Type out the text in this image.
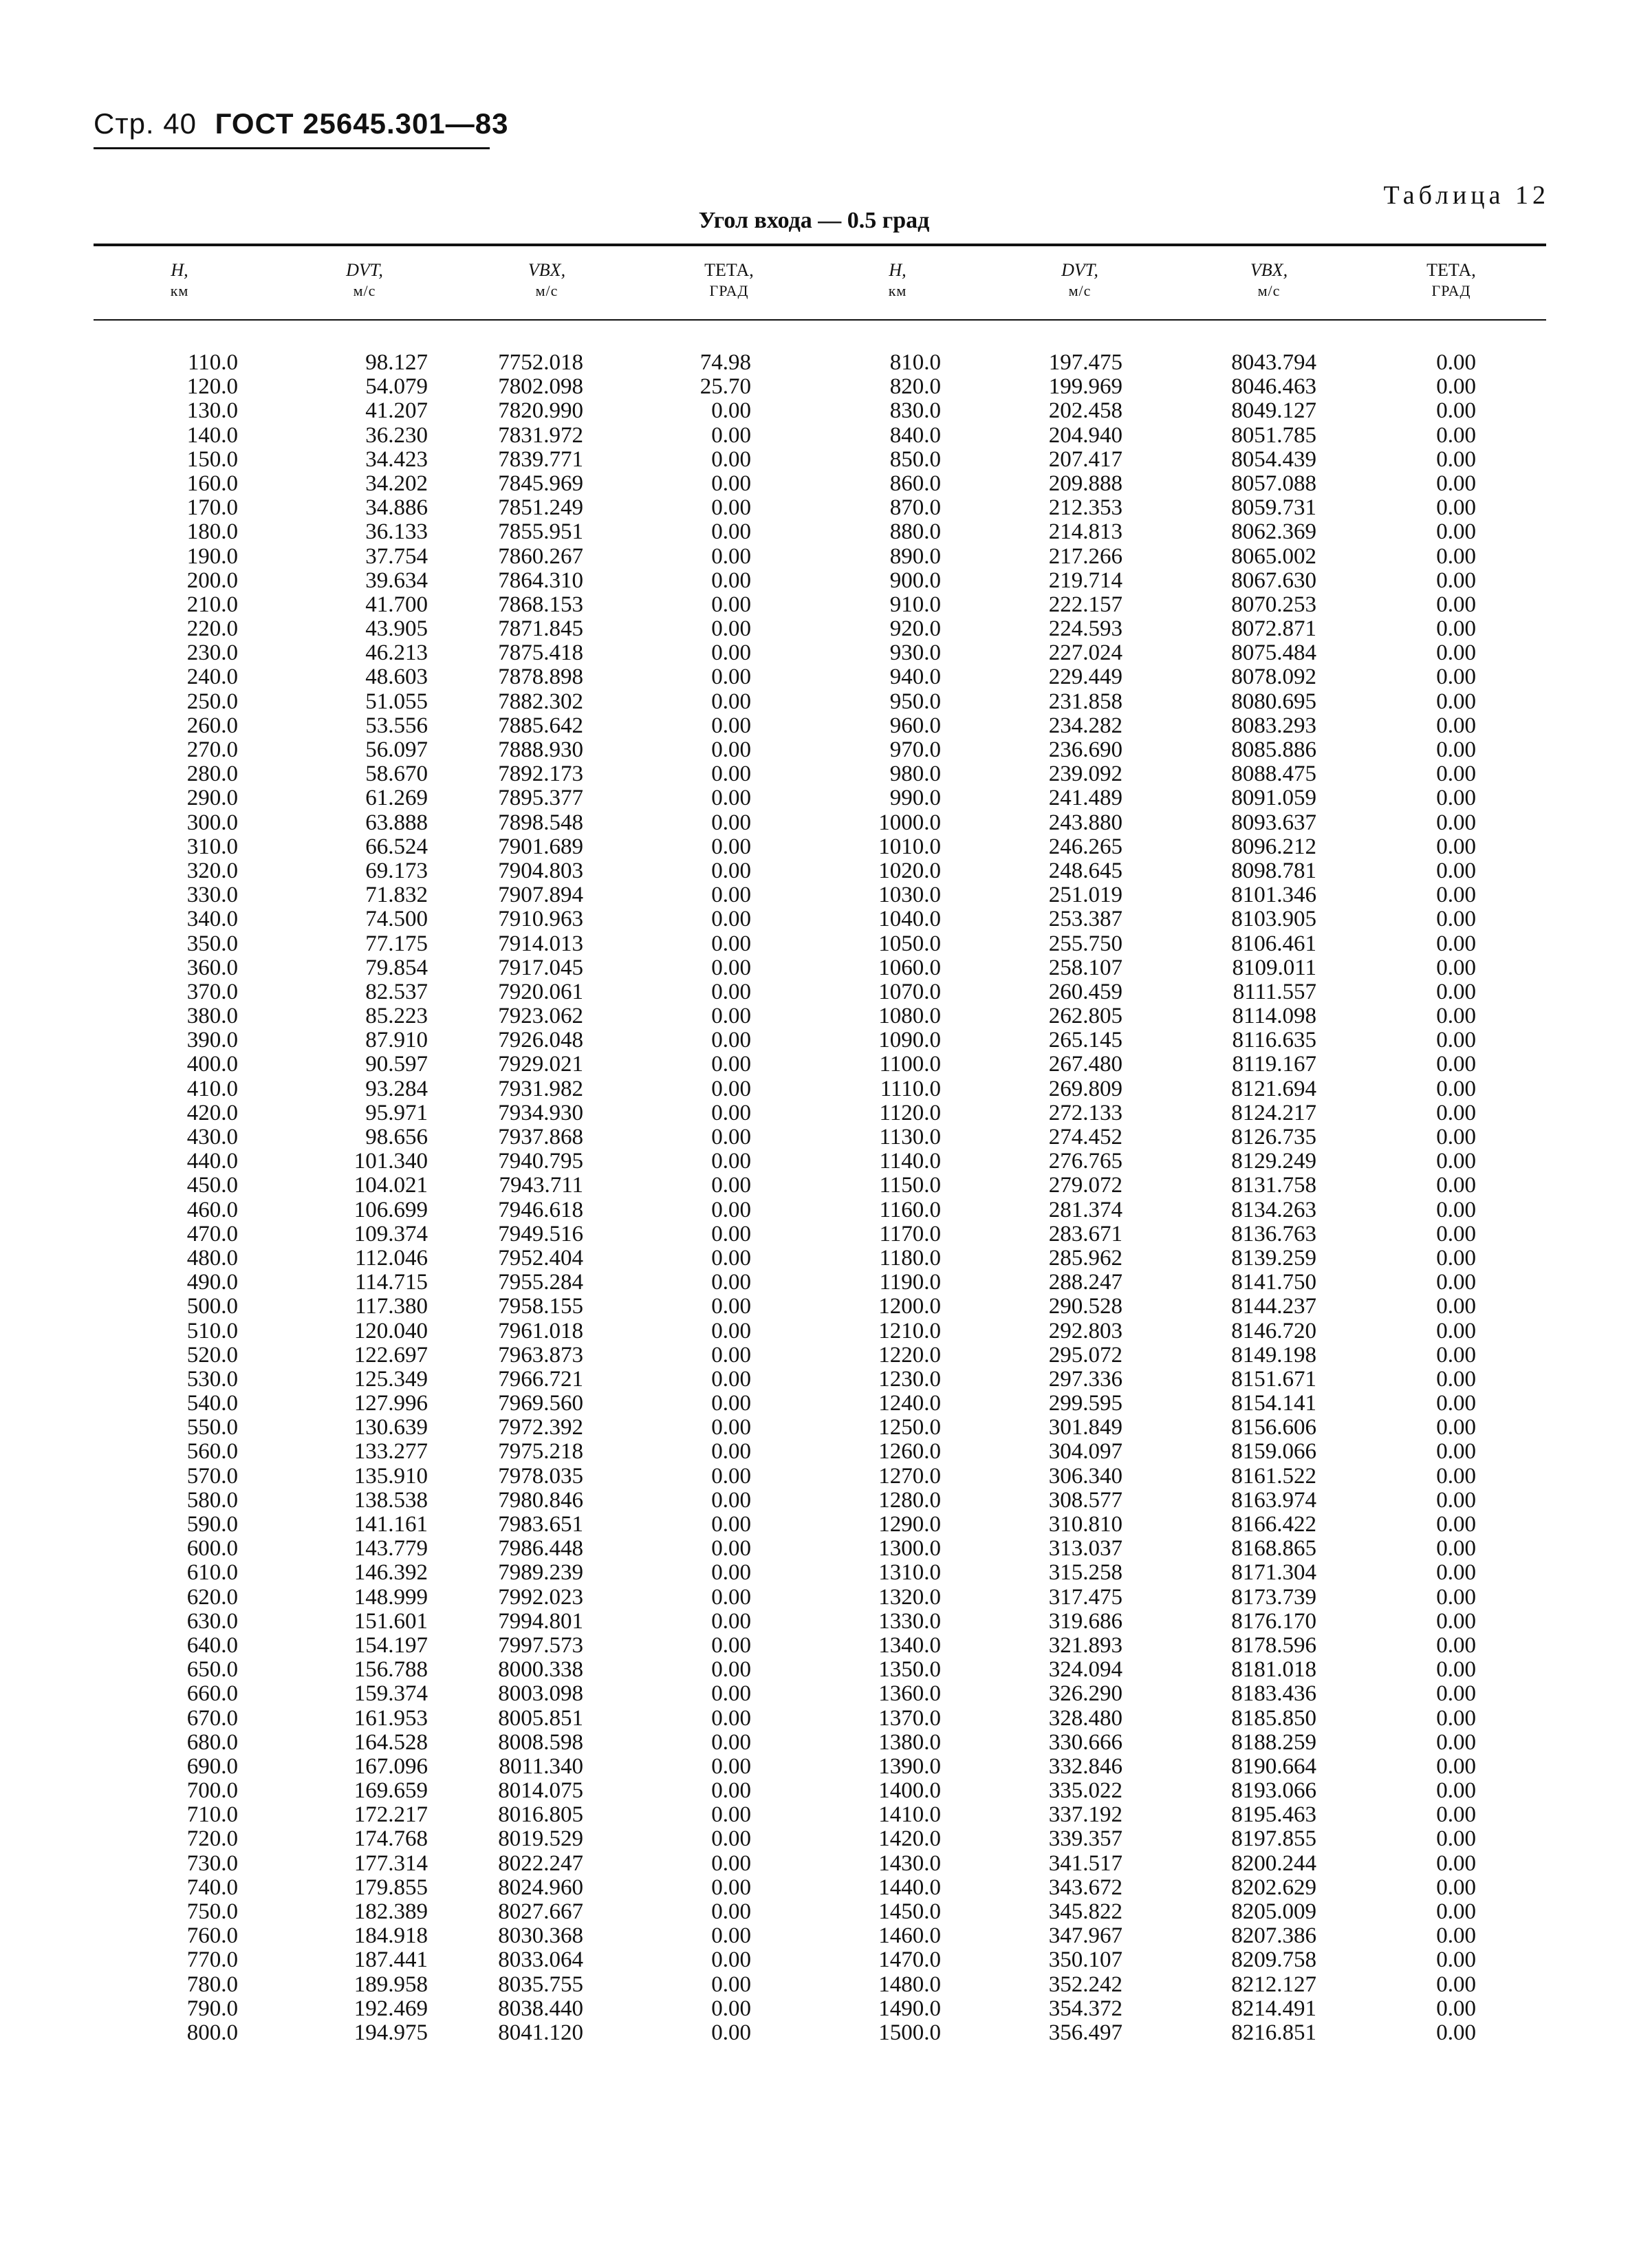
Стр. 40 ГОСТ 25645.301—83
Таблица 12
Угол входа — 0.5 град
H,
км
DVT,
м/с
VBX,
м/с
ТЕТА,
ГРАД
H,
км
DVT,
м/с
VBX,
м/с
ТЕТА,
ГРАД
110.0	98.127	7752.018	74.98	810.0	197.475	8043.794	0.00
120.0	54.079	7802.098	25.70	820.0	199.969	8046.463	0.00
130.0	41.207	7820.990	0.00	830.0	202.458	8049.127	0.00
140.0	36.230	7831.972	0.00	840.0	204.940	8051.785	0.00
150.0	34.423	7839.771	0.00	850.0	207.417	8054.439	0.00
160.0	34.202	7845.969	0.00	860.0	209.888	8057.088	0.00
170.0	34.886	7851.249	0.00	870.0	212.353	8059.731	0.00
180.0	36.133	7855.951	0.00	880.0	214.813	8062.369	0.00
190.0	37.754	7860.267	0.00	890.0	217.266	8065.002	0.00
200.0	39.634	7864.310	0.00	900.0	219.714	8067.630	0.00
210.0	41.700	7868.153	0.00	910.0	222.157	8070.253	0.00
220.0	43.905	7871.845	0.00	920.0	224.593	8072.871	0.00
230.0	46.213	7875.418	0.00	930.0	227.024	8075.484	0.00
240.0	48.603	7878.898	0.00	940.0	229.449	8078.092	0.00
250.0	51.055	7882.302	0.00	950.0	231.858	8080.695	0.00
260.0	53.556	7885.642	0.00	960.0	234.282	8083.293	0.00
270.0	56.097	7888.930	0.00	970.0	236.690	8085.886	0.00
280.0	58.670	7892.173	0.00	980.0	239.092	8088.475	0.00
290.0	61.269	7895.377	0.00	990.0	241.489	8091.059	0.00
300.0	63.888	7898.548	0.00	1000.0	243.880	8093.637	0.00
310.0	66.524	7901.689	0.00	1010.0	246.265	8096.212	0.00
320.0	69.173	7904.803	0.00	1020.0	248.645	8098.781	0.00
330.0	71.832	7907.894	0.00	1030.0	251.019	8101.346	0.00
340.0	74.500	7910.963	0.00	1040.0	253.387	8103.905	0.00
350.0	77.175	7914.013	0.00	1050.0	255.750	8106.461	0.00
360.0	79.854	7917.045	0.00	1060.0	258.107	8109.011	0.00
370.0	82.537	7920.061	0.00	1070.0	260.459	8111.557	0.00
380.0	85.223	7923.062	0.00	1080.0	262.805	8114.098	0.00
390.0	87.910	7926.048	0.00	1090.0	265.145	8116.635	0.00
400.0	90.597	7929.021	0.00	1100.0	267.480	8119.167	0.00
410.0	93.284	7931.982	0.00	1110.0	269.809	8121.694	0.00
420.0	95.971	7934.930	0.00	1120.0	272.133	8124.217	0.00
430.0	98.656	7937.868	0.00	1130.0	274.452	8126.735	0.00
440.0	101.340	7940.795	0.00	1140.0	276.765	8129.249	0.00
450.0	104.021	7943.711	0.00	1150.0	279.072	8131.758	0.00
460.0	106.699	7946.618	0.00	1160.0	281.374	8134.263	0.00
470.0	109.374	7949.516	0.00	1170.0	283.671	8136.763	0.00
480.0	112.046	7952.404	0.00	1180.0	285.962	8139.259	0.00
490.0	114.715	7955.284	0.00	1190.0	288.247	8141.750	0.00
500.0	117.380	7958.155	0.00	1200.0	290.528	8144.237	0.00
510.0	120.040	7961.018	0.00	1210.0	292.803	8146.720	0.00
520.0	122.697	7963.873	0.00	1220.0	295.072	8149.198	0.00
530.0	125.349	7966.721	0.00	1230.0	297.336	8151.671	0.00
540.0	127.996	7969.560	0.00	1240.0	299.595	8154.141	0.00
550.0	130.639	7972.392	0.00	1250.0	301.849	8156.606	0.00
560.0	133.277	7975.218	0.00	1260.0	304.097	8159.066	0.00
570.0	135.910	7978.035	0.00	1270.0	306.340	8161.522	0.00
580.0	138.538	7980.846	0.00	1280.0	308.577	8163.974	0.00
590.0	141.161	7983.651	0.00	1290.0	310.810	8166.422	0.00
600.0	143.779	7986.448	0.00	1300.0	313.037	8168.865	0.00
610.0	146.392	7989.239	0.00	1310.0	315.258	8171.304	0.00
620.0	148.999	7992.023	0.00	1320.0	317.475	8173.739	0.00
630.0	151.601	7994.801	0.00	1330.0	319.686	8176.170	0.00
640.0	154.197	7997.573	0.00	1340.0	321.893	8178.596	0.00
650.0	156.788	8000.338	0.00	1350.0	324.094	8181.018	0.00
660.0	159.374	8003.098	0.00	1360.0	326.290	8183.436	0.00
670.0	161.953	8005.851	0.00	1370.0	328.480	8185.850	0.00
680.0	164.528	8008.598	0.00	1380.0	330.666	8188.259	0.00
690.0	167.096	8011.340	0.00	1390.0	332.846	8190.664	0.00
700.0	169.659	8014.075	0.00	1400.0	335.022	8193.066	0.00
710.0	172.217	8016.805	0.00	1410.0	337.192	8195.463	0.00
720.0	174.768	8019.529	0.00	1420.0	339.357	8197.855	0.00
730.0	177.314	8022.247	0.00	1430.0	341.517	8200.244	0.00
740.0	179.855	8024.960	0.00	1440.0	343.672	8202.629	0.00
750.0	182.389	8027.667	0.00	1450.0	345.822	8205.009	0.00
760.0	184.918	8030.368	0.00	1460.0	347.967	8207.386	0.00
770.0	187.441	8033.064	0.00	1470.0	350.107	8209.758	0.00
780.0	189.958	8035.755	0.00	1480.0	352.242	8212.127	0.00
790.0	192.469	8038.440	0.00	1490.0	354.372	8214.491	0.00
800.0	194.975	8041.120	0.00	1500.0	356.497	8216.851	0.00
